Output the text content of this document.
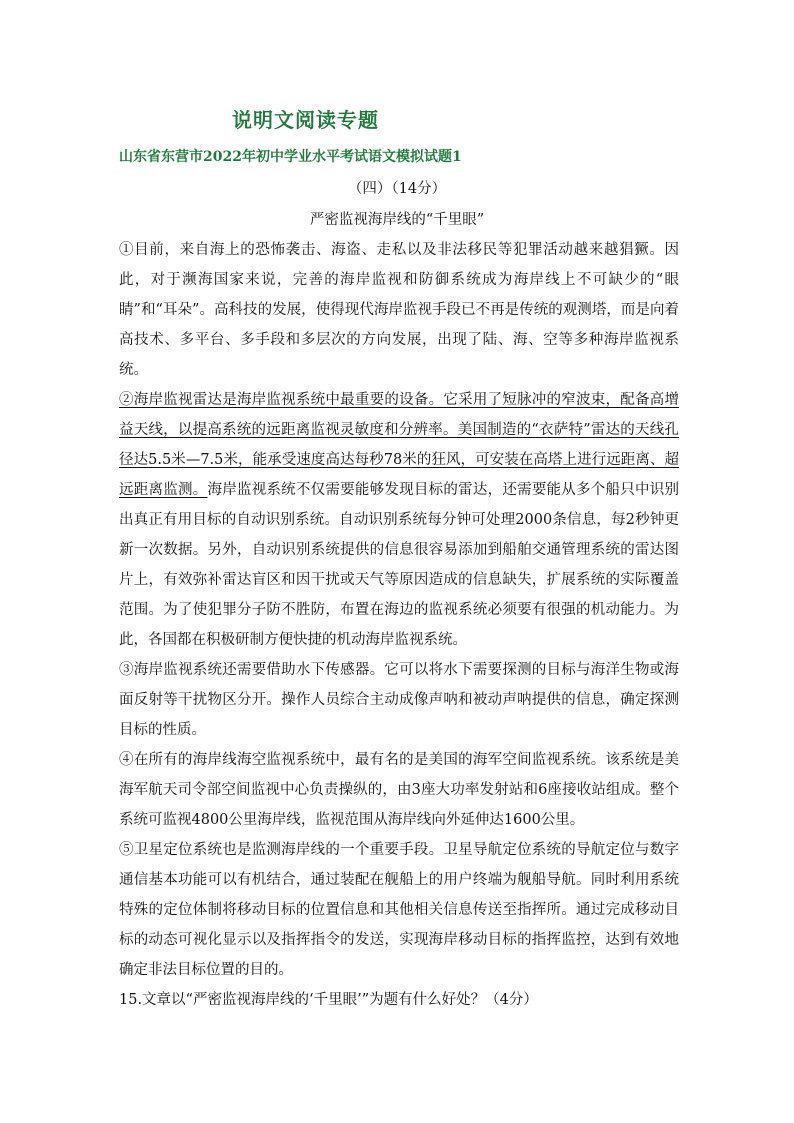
说明文阅读专题
山东省东营市2022年初中学业水平考试语文模拟试题1
（四）（14分）
严密监视海岸线的“千里眼”

①目前，来自海上的恐怖袭击、海盗、走私以及非法移民等犯罪活动越来越猖獗。因此，对于濒海国家来说，完善的海岸监视和防御系统成为海岸线上不可缺少的“眼睛”和“耳朵”。高科技的发展，使得现代海岸监视手段已不再是传统的观测塔，而是向着高技术、多平台、多手段和多层次的方向发展，出现了陆、海、空等多种海岸监视系统。

②海岸监视雷达是海岸监视系统中最重要的设备。它采用了短脉冲的窄波束，配备高增益天线，以提高系统的远距离监视灵敏度和分辨率。美国制造的“衣萨特”雷达的天线孔径达5.5米—7.5米，能承受速度高达每秒78米的狂风，可安装在高塔上进行远距离、超远距离监测。海岸监视系统不仅需要能够发现目标的雷达，还需要能从多个船只中识别出真正有用目标的自动识别系统。自动识别系统每分钟可处理2000条信息，每2秒钟更新一次数据。另外，自动识别系统提供的信息很容易添加到船舶交通管理系统的雷达图片上，有效弥补雷达盲区和因干扰或天气等原因造成的信息缺失，扩展系统的实际覆盖范围。为了使犯罪分子防不胜防，布置在海边的监视系统必须要有很强的机动能力。为此，各国都在积极研制方便快捷的机动海岸监视系统。

③海岸监视系统还需要借助水下传感器。它可以将水下需要探测的目标与海洋生物或海面反射等干扰物区分开。操作人员综合主动成像声呐和被动声呐提供的信息，确定探测目标的性质。

④在所有的海岸线海空监视系统中，最有名的是美国的海军空间监视系统。该系统是美海军航天司令部空间监视中心负责操纵的，由3座大功率发射站和6座接收站组成。整个系统可监视4800公里海岸线，监视范围从海岸线向外延伸达1600公里。

⑤卫星定位系统也是监测海岸线的一个重要手段。卫星导航定位系统的导航定位与数字通信基本功能可以有机结合，通过装配在舰船上的用户终端为舰船导航。同时利用系统特殊的定位体制将移动目标的位置信息和其他相关信息传送至指挥所。通过完成移动目标的动态可视化显示以及指挥指令的发送，实现海岸移动目标的指挥监控，达到有效地确定非法目标位置的目的。

15.文章以“严密监视海岸线的‘千里眼’”为题有什么好处？（4分）
